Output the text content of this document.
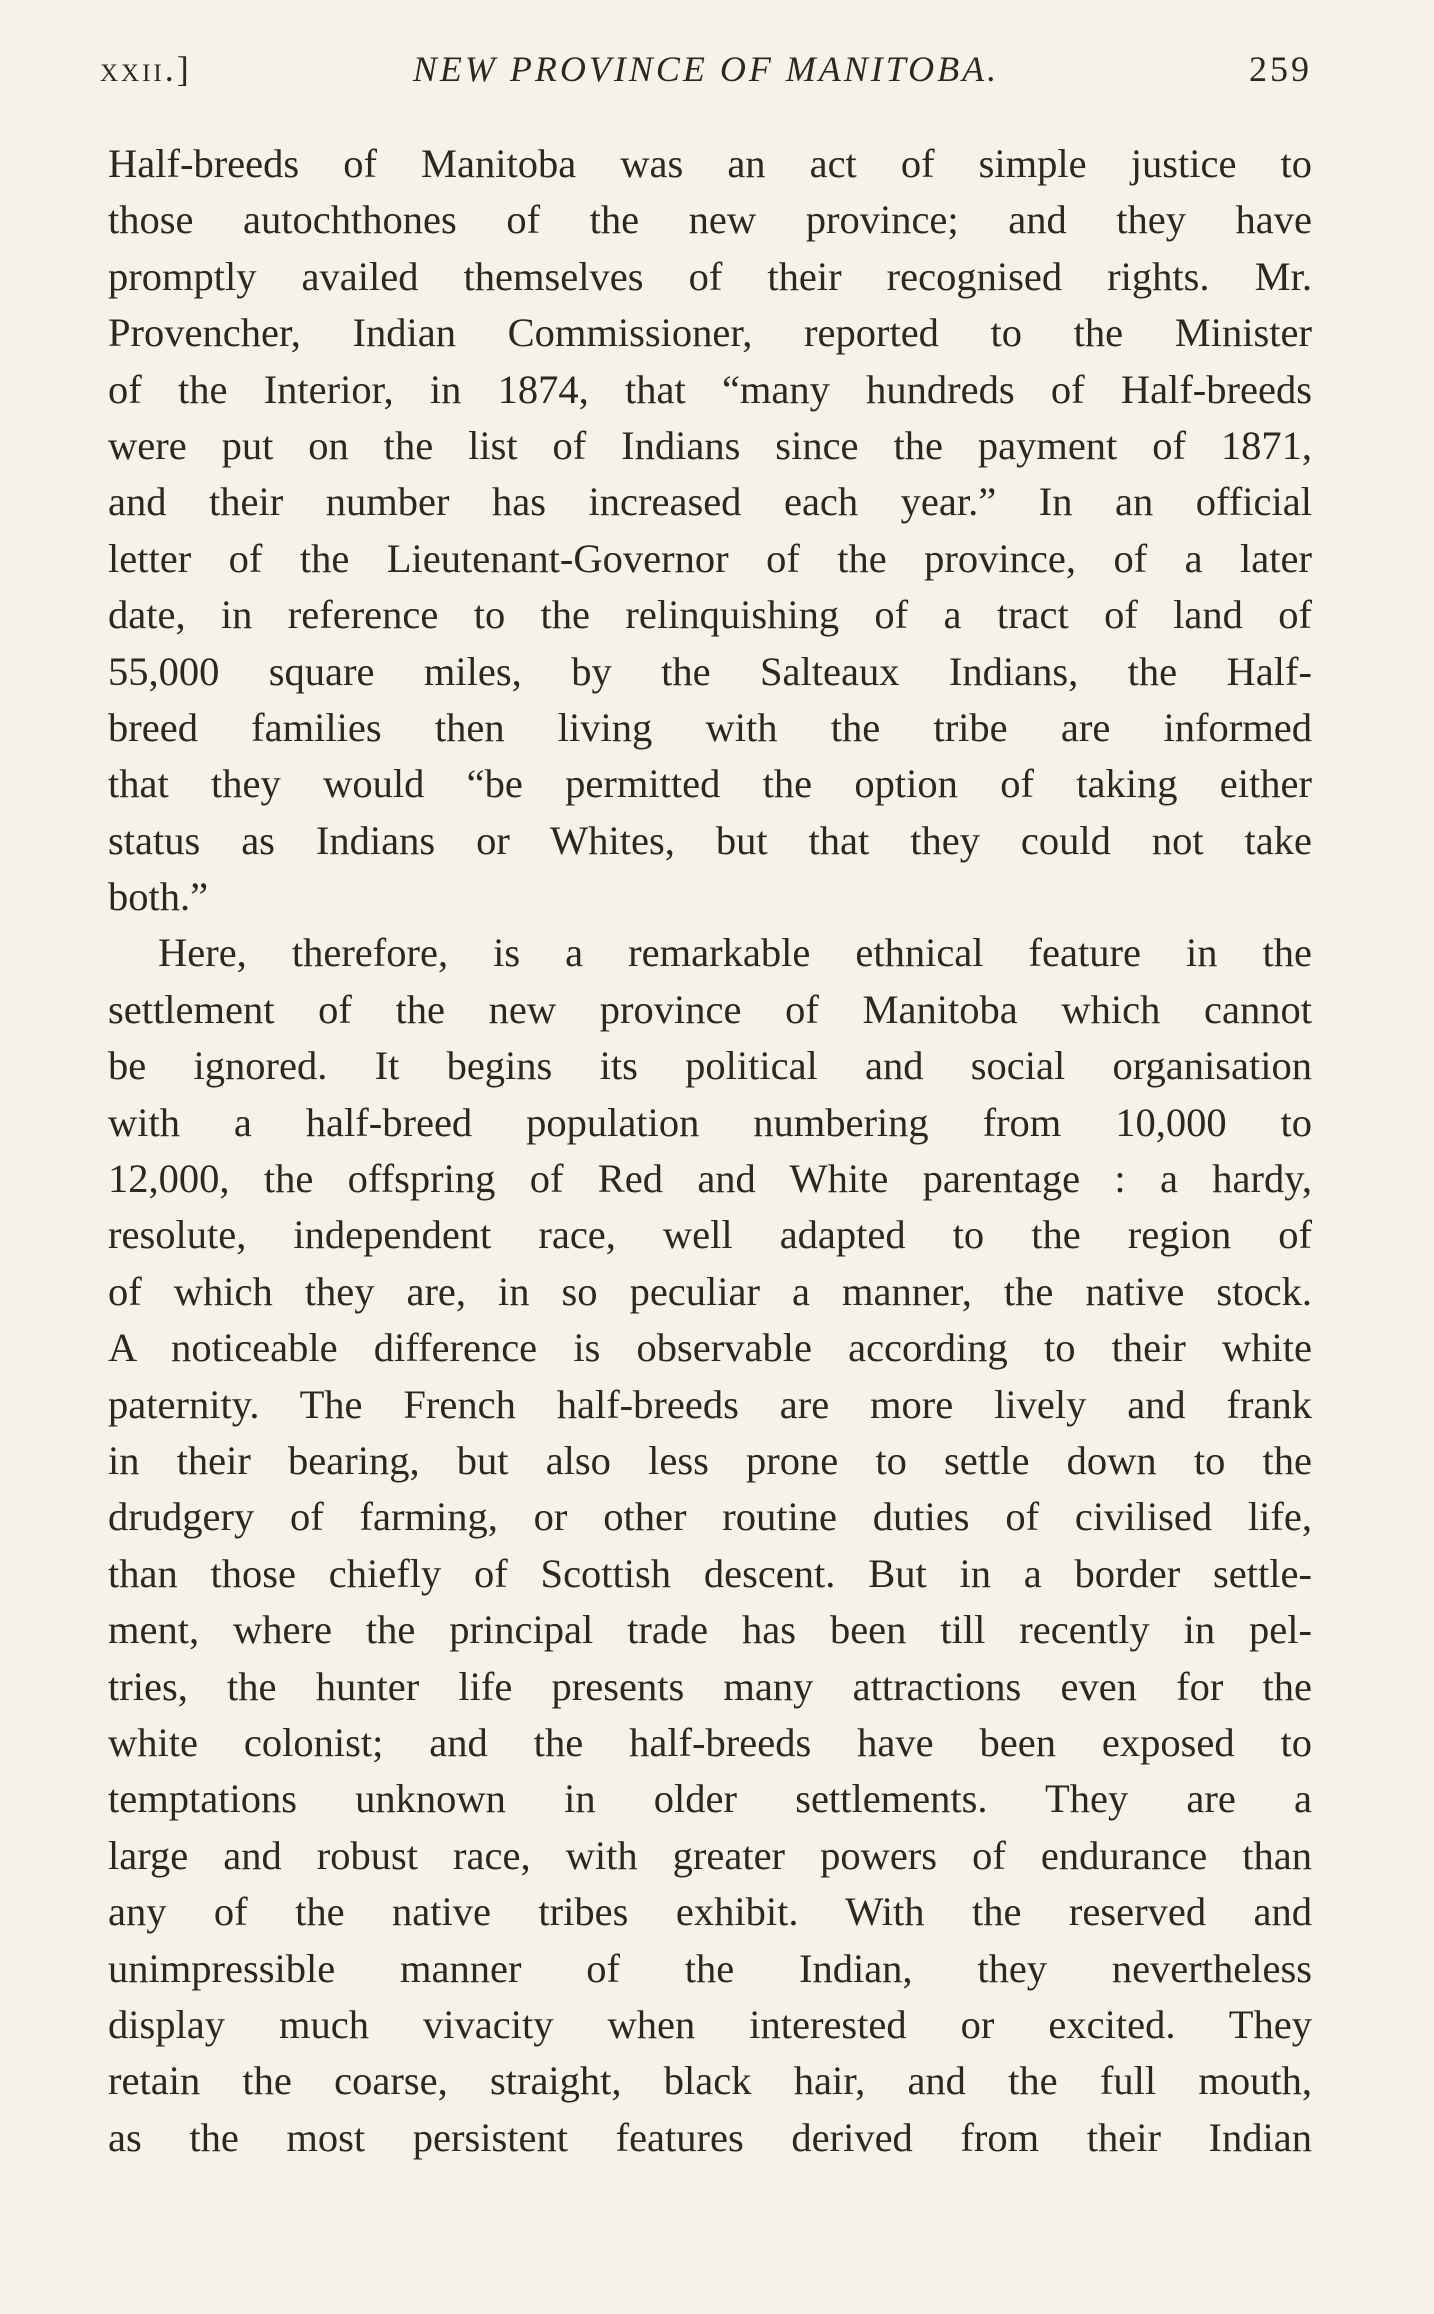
xxii.]	NEW PROVINCE OF MANITOBA.	259
Half-breeds of Manitoba was an act of simple justice to
those autochthones of the new province; and they have
promptly availed themselves of their recognised rights. Mr.
Provencher, Indian Commissioner, reported to the Minister
of the Interior, in 1874, that “many hundreds of Half-breeds
were put on the list of Indians since the payment of 1871,
and their number has increased each year.” In an official
letter of the Lieutenant-Governor of the province, of a later
date, in reference to the relinquishing of a tract of land of
55,000 square miles, by the Salteaux Indians, the Half-
breed families then living with the tribe are informed
that they would “be permitted the option of taking either
status as Indians or Whites, but that they could not take
both.”
Here, therefore, is a remarkable ethnical feature in the
settlement of the new province of Manitoba which cannot
be ignored. It begins its political and social organisation
with a half-breed population numbering from 10,000 to
12,000, the offspring of Red and White parentage : a hardy,
resolute, independent race, well adapted to the region of
of which they are, in so peculiar a manner, the native stock.
A noticeable difference is observable according to their white
paternity. The French half-breeds are more lively and frank
in their bearing, but also less prone to settle down to the
drudgery of farming, or other routine duties of civilised life,
than those chiefly of Scottish descent. But in a border settle-
ment, where the principal trade has been till recently in pel-
tries, the hunter life presents many attractions even for the
white colonist; and the half-breeds have been exposed to
temptations unknown in older settlements. They are a
large and robust race, with greater powers of endurance than
any of the native tribes exhibit. With the reserved and
unimpressible manner of the Indian, they nevertheless
display much vivacity when interested or excited. They
retain the coarse, straight, black hair, and the full mouth,
as the most persistent features derived from their Indian
